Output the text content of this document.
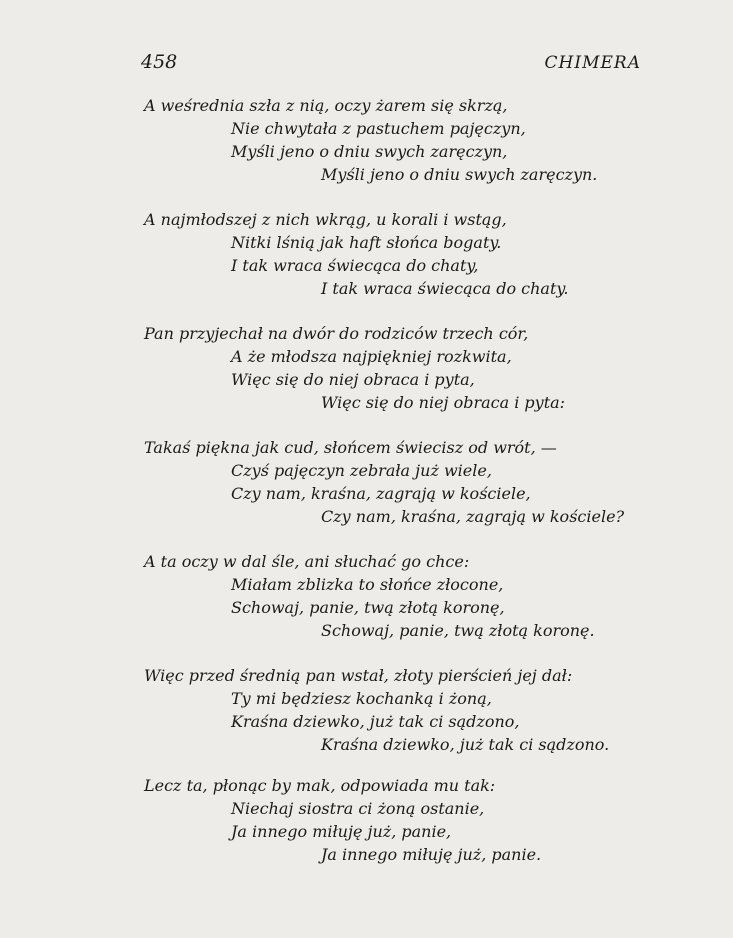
458	CHIMERA
A weśrednia szła z nią, oczy żarem się skrzą,
Nie chwytała z pastuchem pajęczyn,
Myśli jeno o dniu swych zaręczyn,
Myśli jeno o dniu swych zaręczyn.
A najmłodszej z nich wkrąg, u korali i wstąg,
Nitki lśnią jak haft słońca bogaty.
I tak wraca świecąca do chaty,
I tak wraca świecąca do chaty.
Pan przyjechał na dwór do rodziców trzech cór,
A że młodsza najpiękniej rozkwita,
Więc się do niej obraca i pyta,
Więc się do niej obraca i pyta:
Takaś piękna jak cud, słońcem świecisz od wrót, —
Czyś pajęczyn zebrała już wiele,
Czy nam, kraśna, zagrają w kościele,
Czy nam, kraśna, zagrają w kościele?
A ta oczy w dal śle, ani słuchać go chce:
Miałam zblizka to słońce złocone,
Schowaj, panie, twą złotą koronę,
Schowaj, panie, twą złotą koronę.
Więc przed średnią pan wstał, złoty pierścień jej dał:
Ty mi będziesz kochanką i żoną,
Kraśna dziewko, już tak ci sądzono,
Kraśna dziewko, już tak ci sądzono.
Lecz ta, płonąc by mak, odpowiada mu tak:
Niechaj siostra ci żoną ostanie,
Ja innego miłuję już, panie,
Ja innego miłuję już, panie.
